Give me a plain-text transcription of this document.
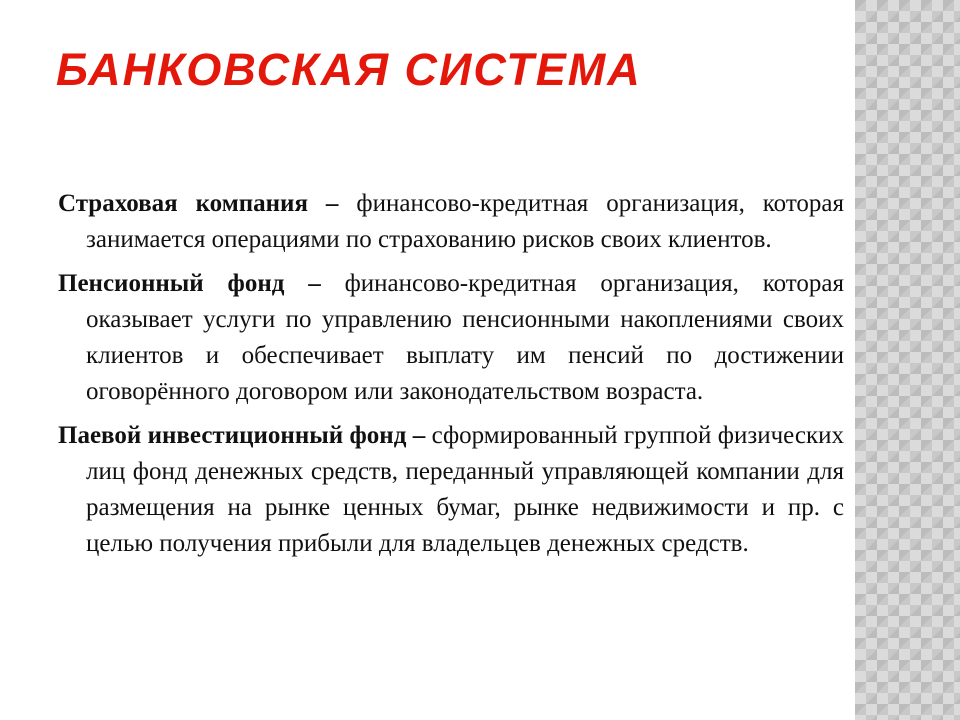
БАНКОВСКАЯ СИСТЕМА

Страховая компания – финансово-кредитная организация, которая занимается операциями по страхованию рисков своих клиентов.

Пенсионный фонд – финансово-кредитная организация, которая оказывает услуги по управлению пенсионными накоплениями своих клиентов и обеспечивает выплату им пенсий по достижении оговорённого договором или законодательством возраста.

Паевой инвестиционный фонд – сформированный группой физических лиц фонд денежных средств, переданный управляющей компании для размещения на рынке ценных бумаг, рынке недвижимости и пр. с целью получения прибыли для владельцев денежных средств.
